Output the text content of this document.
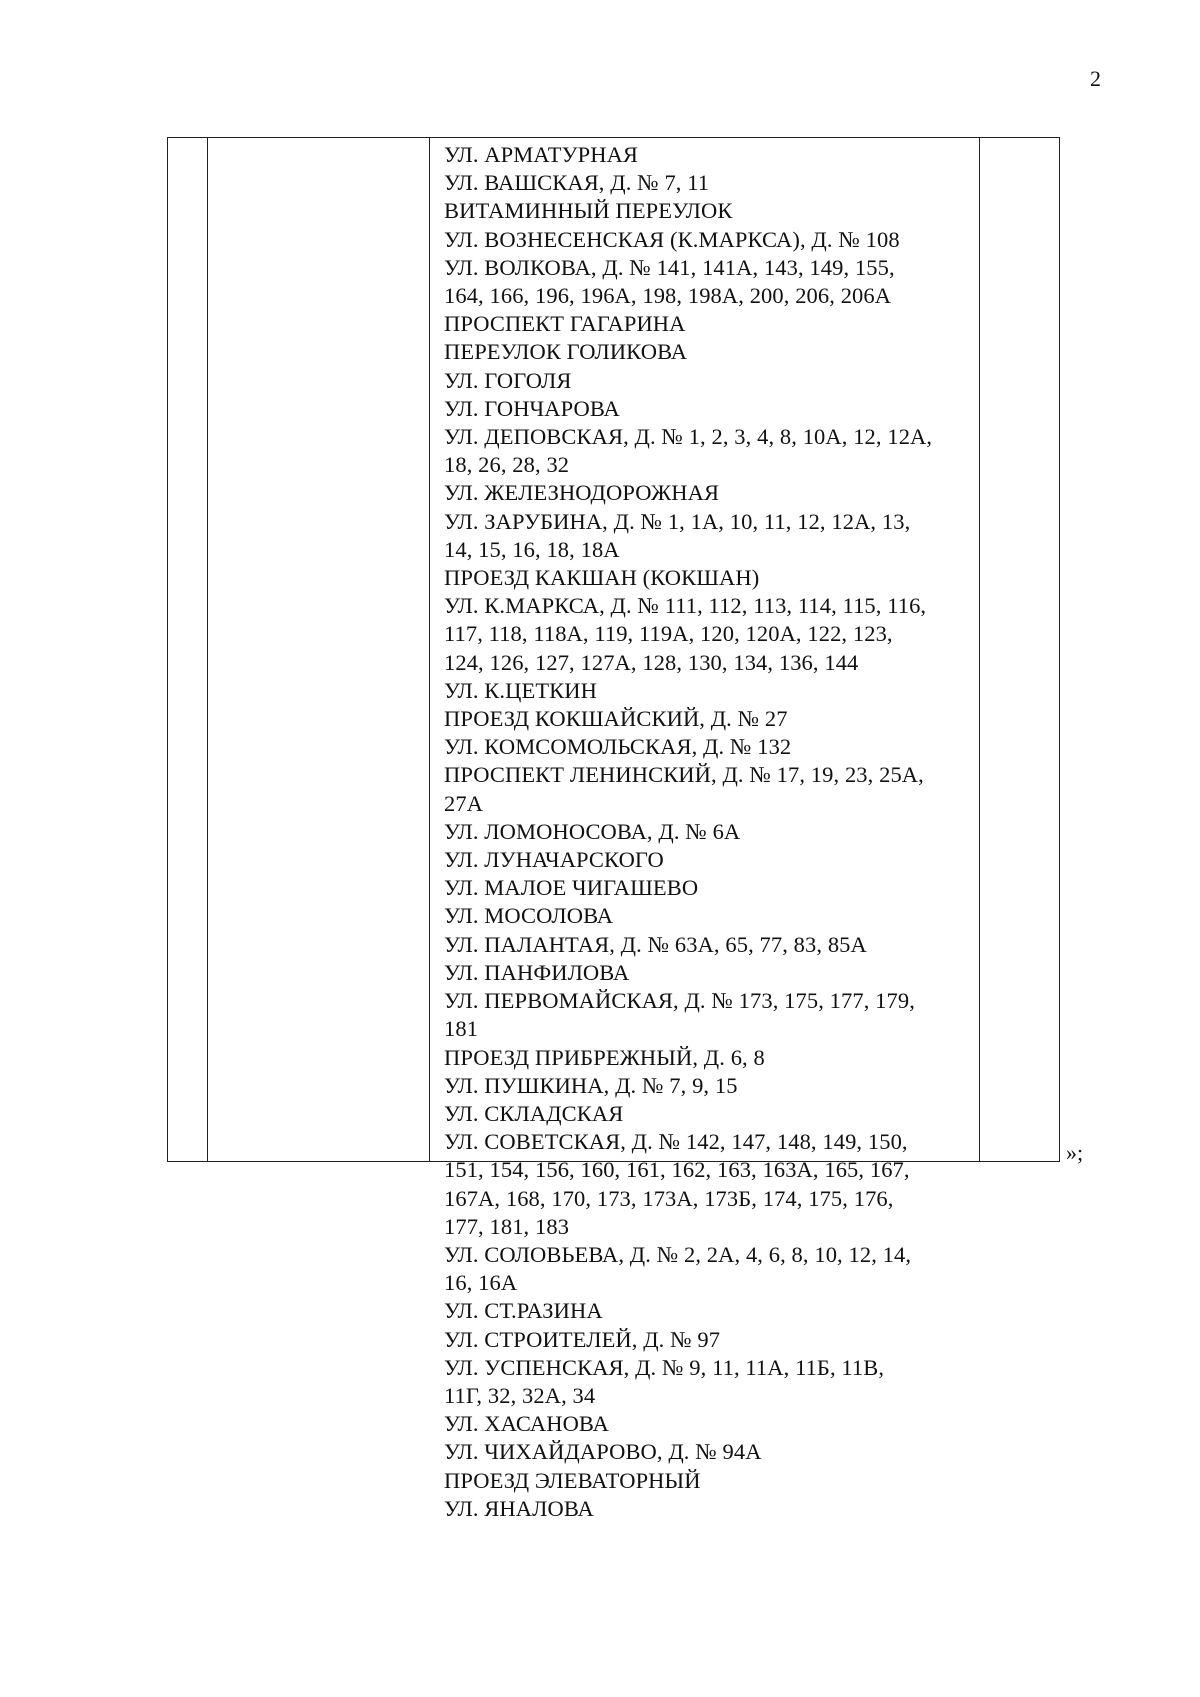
2
УЛ. АРМАТУРНАЯ
УЛ. ВАШСКАЯ, Д. № 7, 11
ВИТАМИННЫЙ ПЕРЕУЛОК
УЛ. ВОЗНЕСЕНСКАЯ (К.МАРКСА), Д. № 108
УЛ. ВОЛКОВА, Д. № 141, 141А, 143, 149, 155,
164, 166, 196, 196А, 198, 198А, 200, 206, 206А
ПРОСПЕКТ ГАГАРИНА
ПЕРЕУЛОК ГОЛИКОВА
УЛ. ГОГОЛЯ
УЛ. ГОНЧАРОВА
УЛ. ДЕПОВСКАЯ, Д. № 1, 2, 3, 4, 8, 10А, 12, 12А,
18, 26, 28, 32
УЛ. ЖЕЛЕЗНОДОРОЖНАЯ
УЛ. ЗАРУБИНА, Д. № 1, 1А, 10, 11, 12, 12А, 13,
14, 15, 16, 18, 18А
ПРОЕЗД КАКШАН (КОКШАН)
УЛ. К.МАРКСА, Д. № 111, 112, 113, 114, 115, 116,
117, 118, 118А, 119, 119А, 120, 120А, 122, 123,
124, 126, 127, 127А, 128, 130, 134, 136, 144
УЛ. К.ЦЕТКИН
ПРОЕЗД КОКШАЙСКИЙ, Д. № 27
УЛ. КОМСОМОЛЬСКАЯ, Д. № 132
ПРОСПЕКТ ЛЕНИНСКИЙ, Д. № 17, 19, 23, 25А,
27А
УЛ. ЛОМОНОСОВА, Д. № 6А
УЛ. ЛУНАЧАРСКОГО
УЛ. МАЛОЕ ЧИГАШЕВО
УЛ. МОСОЛОВА
УЛ. ПАЛАНТАЯ, Д. № 63А, 65, 77, 83, 85А
УЛ. ПАНФИЛОВА
УЛ. ПЕРВОМАЙСКАЯ, Д. № 173, 175, 177, 179,
181
ПРОЕЗД ПРИБРЕЖНЫЙ, Д. 6, 8
УЛ. ПУШКИНА, Д. № 7, 9, 15
УЛ. СКЛАДСКАЯ
УЛ. СОВЕТСКАЯ, Д. № 142, 147, 148, 149, 150,
151, 154, 156, 160, 161, 162, 163, 163А, 165, 167,
167А, 168, 170, 173, 173А, 173Б, 174, 175, 176,
177, 181, 183
УЛ. СОЛОВЬЕВА, Д. № 2, 2А, 4, 6, 8, 10, 12, 14,
16, 16А
УЛ. СТ.РАЗИНА
УЛ. СТРОИТЕЛЕЙ, Д. № 97
УЛ. УСПЕНСКАЯ, Д. № 9, 11, 11А, 11Б, 11В,
11Г, 32, 32А, 34
УЛ. ХАСАНОВА
УЛ. ЧИХАЙДАРОВО, Д. № 94А
ПРОЕЗД ЭЛЕВАТОРНЫЙ
УЛ. ЯНАЛОВА
»;
